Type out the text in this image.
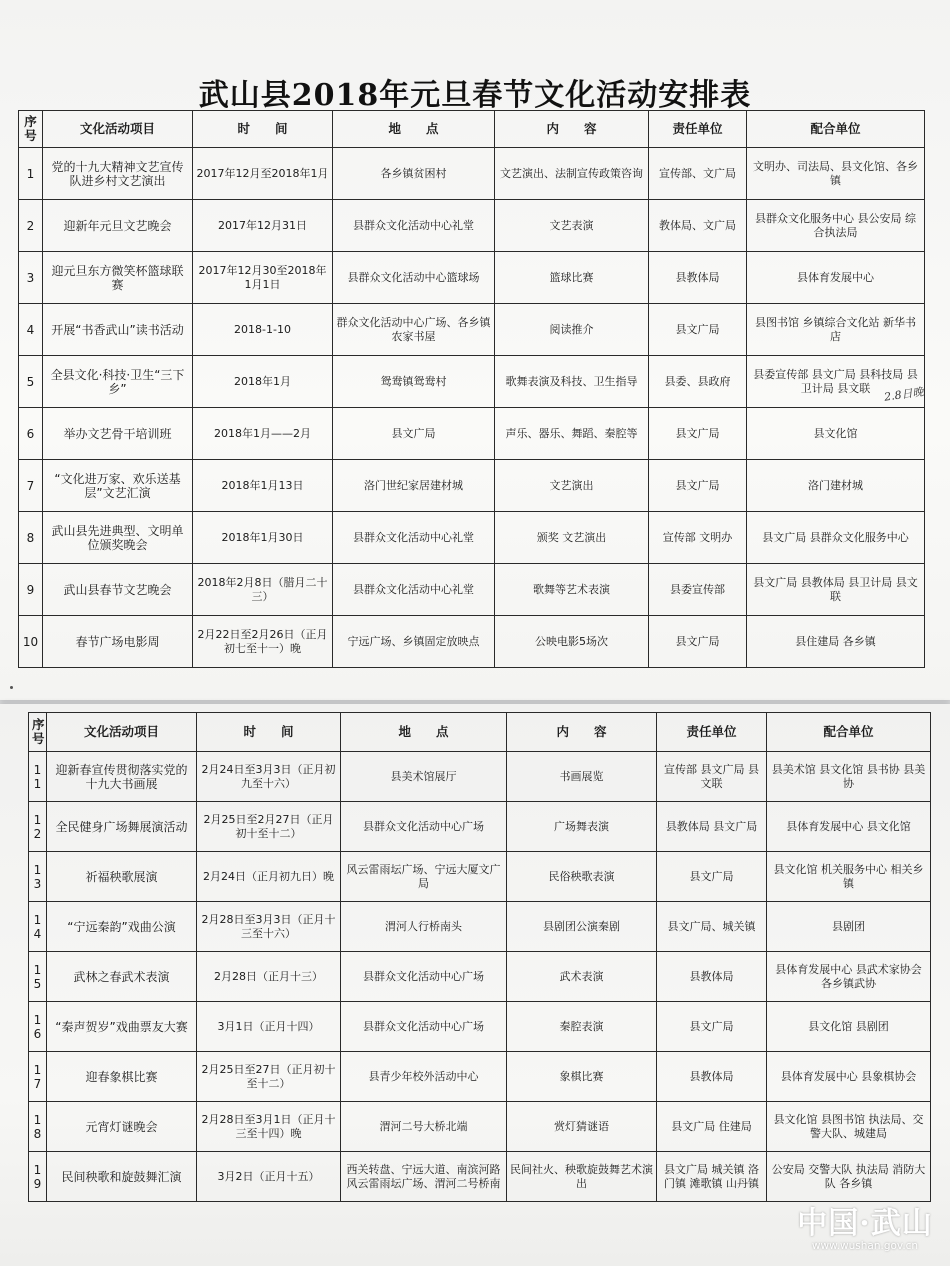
武山县2018年元旦春节文化活动安排表
序号	文化活动项目	时　　间	地　　点	内　　容	责任单位	配合单位
1	党的十九大精神文艺宣传队进乡村文艺演出	2017年12月至2018年1月	各乡镇贫困村	文艺演出、法制宣传政策咨询	宣传部、文广局	文明办、司法局、县文化馆、各乡镇
2	迎新年元旦文艺晚会	2017年12月31日	县群众文化活动中心礼堂	文艺表演	教体局、文广局	县群众文化服务中心 县公安局 综合执法局
3	迎元旦东方微笑杯篮球联赛	2017年12月30至2018年1月1日	县群众文化活动中心篮球场	篮球比赛	县教体局	县体育发展中心
4	开展“书香武山”读书活动	2018-1-10	群众文化活动中心广场、各乡镇农家书屋	阅读推介	县文广局	县图书馆 乡镇综合文化站 新华书店
5	全县文化·科技·卫生“三下乡”	2018年1月	鸳鸯镇鸳鸯村	歌舞表演及科技、卫生指导	县委、县政府	县委宣传部 县文广局 县科技局 县卫计局 县文联
6	举办文艺骨干培训班	2018年1月——2月	县文广局	声乐、器乐、舞蹈、秦腔等	县文广局	县文化馆
7	“文化进万家、欢乐送基层”文艺汇演	2018年1月13日	洛门世纪家居建材城	文艺演出	县文广局	洛门建材城
8	武山县先进典型、文明单位颁奖晚会	2018年1月30日	县群众文化活动中心礼堂	颁奖 文艺演出	宣传部 文明办	县文广局 县群众文化服务中心
9	武山县春节文艺晚会	2018年2月8日（腊月二十三）	县群众文化活动中心礼堂	歌舞等艺术表演	县委宣传部	县文广局 县教体局 县卫计局 县文联
10	春节广场电影周	2月22日至2月26日（正月初七至十一）晚	宁远广场、乡镇固定放映点	公映电影5场次	县文广局	县住建局 各乡镇
2.8日晚
序号	文化活动项目	时　　间	地　　点	内　　容	责任单位	配合单位
11	迎新春宣传贯彻落实党的十九大书画展	2月24日至3月3日（正月初九至十六）	县美术馆展厅	书画展览	宣传部 县文广局 县文联	县美术馆 县文化馆 县书协 县美协
12	全民健身广场舞展演活动	2月25日至2月27日（正月初十至十二）	县群众文化活动中心广场	广场舞表演	县教体局 县文广局	县体育发展中心 县文化馆
13	祈福秧歌展演	2月24日（正月初九日）晚	风云雷雨坛广场、宁远大厦文广局	民俗秧歌表演	县文广局	县文化馆 机关服务中心 相关乡镇
14	“宁远秦韵”戏曲公演	2月28日至3月3日（正月十三至十六）	渭河人行桥南头	县剧团公演秦剧	县文广局、城关镇	县剧团
15	武林之春武术表演	2月28日（正月十三）	县群众文化活动中心广场	武术表演	县教体局	县体育发展中心 县武术家协会 各乡镇武协
16	“秦声贺岁”戏曲票友大赛	3月1日（正月十四）	县群众文化活动中心广场	秦腔表演	县文广局	县文化馆 县剧团
17	迎春象棋比赛	2月25日至27日（正月初十至十二）	县青少年校外活动中心	象棋比赛	县教体局	县体育发展中心 县象棋协会
18	元宵灯谜晚会	2月28日至3月1日（正月十三至十四）晚	渭河二号大桥北端	赏灯猜谜语	县文广局 住建局	县文化馆 县图书馆 执法局、交警大队、城建局
19	民间秧歌和旋鼓舞汇演	3月2日（正月十五）	西关转盘、宁远大道、南滨河路 风云雷雨坛广场、渭河二号桥南	民间社火、秧歌旋鼓舞艺术演出	县文广局 城关镇 洛门镇 滩歌镇 山丹镇	公安局 交警大队 执法局 消防大队 各乡镇
中国·武山
www.wushan.gov.cn
